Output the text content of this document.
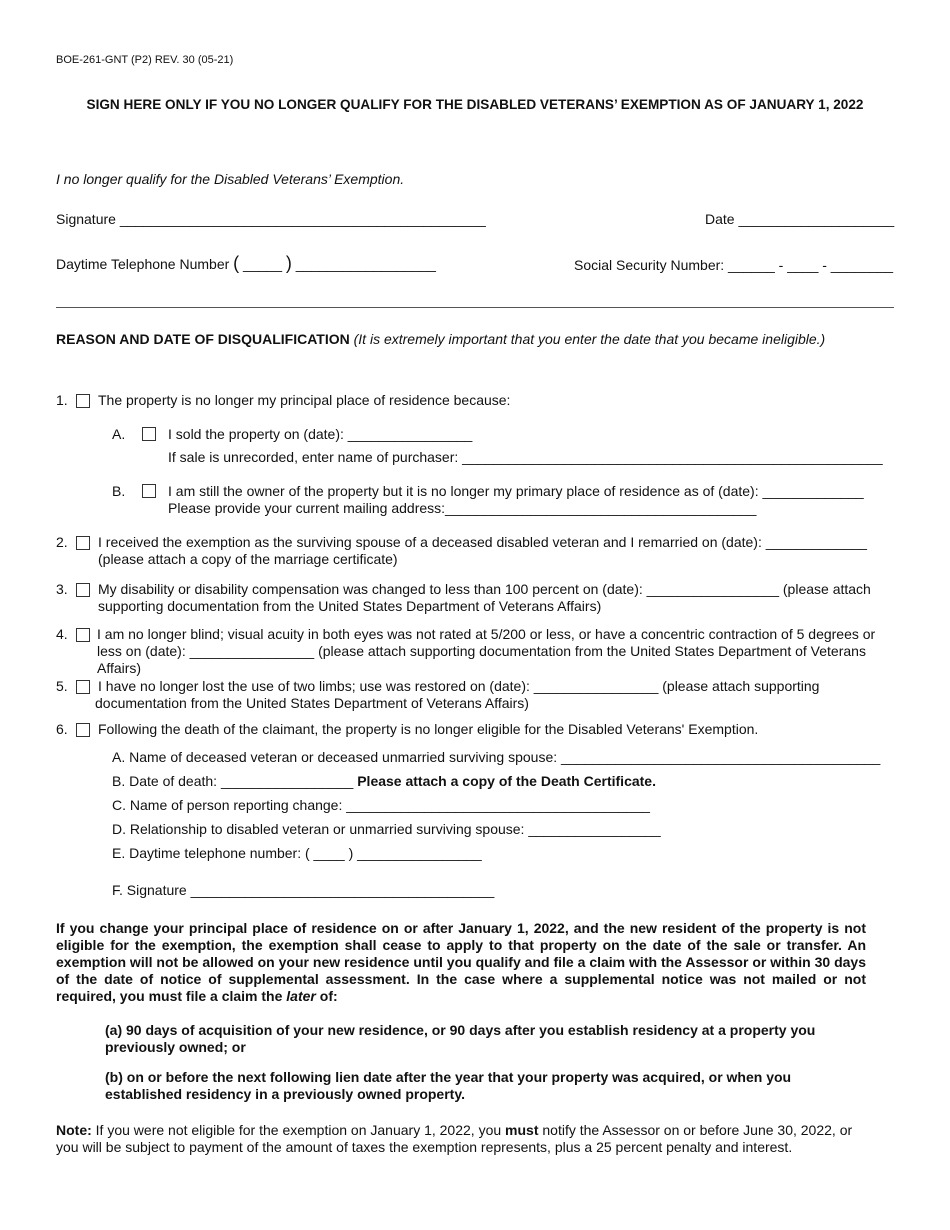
BOE-261-GNT (P2) REV. 30 (05-21)
SIGN HERE ONLY IF YOU NO LONGER QUALIFY FOR THE DISABLED VETERANS’ EXEMPTION AS OF JANUARY 1, 2022
I no longer qualify for the Disabled Veterans’ Exemption.
Signature _______________________________________________	Date ____________________
Daytime Telephone Number ( _____ ) __________________	Social Security Number: ______ - ____ - ________
REASON AND DATE OF DISQUALIFICATION (It is extremely important that you enter the date that you became ineligible.)
1. The property is no longer my principal place of residence because:
A.	I sold the property on (date): ________________
If sale is unrecorded, enter name of purchaser: ______________________________________________________
B.	I am still the owner of the property but it is no longer my primary place of residence as of (date): _____________
Please provide your current mailing address:________________________________________
2. I received the exemption as the surviving spouse of a deceased disabled veteran and I remarried on (date): _____________ (please attach a copy of the marriage certificate)
3. My disability or disability compensation was changed to less than 100 percent on (date): _________________ (please attach supporting documentation from the United States Department of Veterans Affairs)
4. I am no longer blind; visual acuity in both eyes was not rated at 5/200 or less, or have a concentric contraction of 5 degrees or less on (date): ________________ (please attach supporting documentation from the United States Department of Veterans Affairs)
5. I have no longer lost the use of two limbs; use was restored on (date): ________________ (please attach supporting
documentation from the United States Department of Veterans Affairs)
6. Following the death of the claimant, the property is no longer eligible for the Disabled Veterans' Exemption.
A. Name of deceased veteran or deceased unmarried surviving spouse: _________________________________________
B. Date of death: _________________ Please attach a copy of the Death Certificate.
C. Name of person reporting change: _______________________________________
D. Relationship to disabled veteran or unmarried surviving spouse: _________________
E. Daytime telephone number: ( ____ ) ________________
F. Signature _______________________________________
If you change your principal place of residence on or after January 1, 2022, and the new resident of the property is not eligible for the exemption, the exemption shall cease to apply to that property on the date of the sale or transfer. An exemption will not be allowed on your new residence until you qualify and file a claim with the Assessor or within 30 days of the date of notice of supplemental assessment. In the case where a supplemental notice was not mailed or not required, you must file a claim the later of:
(a) 90 days of acquisition of your new residence, or 90 days after you establish residency at a property you previously owned; or
(b) on or before the next following lien date after the year that your property was acquired, or when you established residency in a previously owned property.
Note: If you were not eligible for the exemption on January 1, 2022, you must notify the Assessor on or before June 30, 2022, or you will be subject to payment of the amount of taxes the exemption represents, plus a 25 percent penalty and interest.
